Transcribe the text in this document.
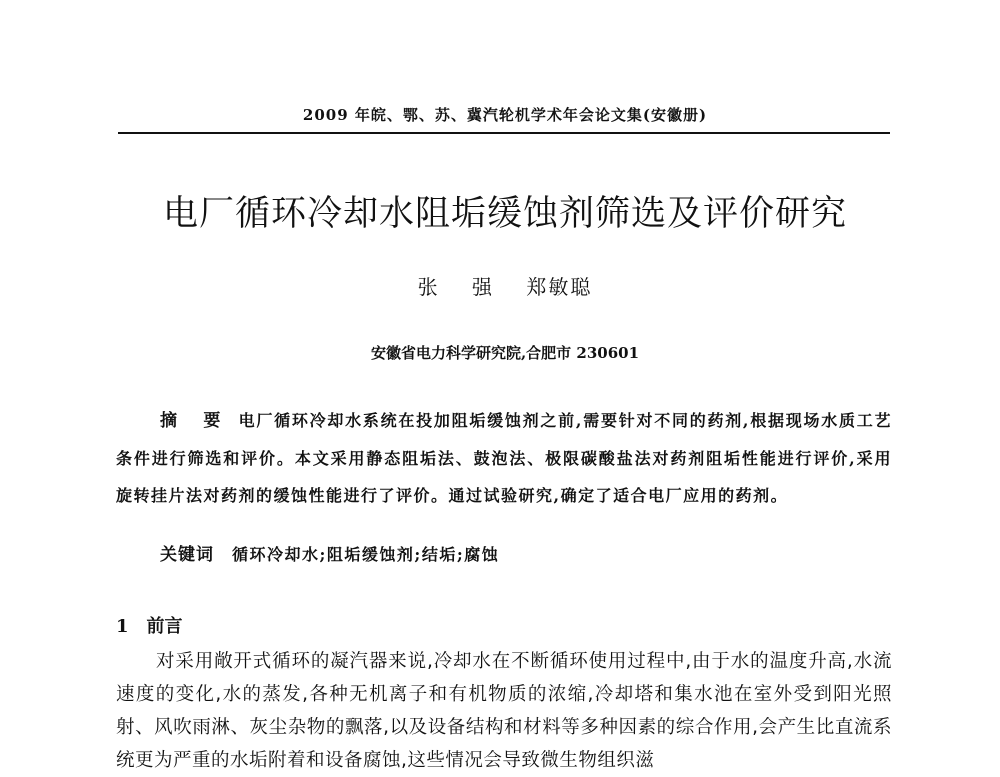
2009 年皖、鄂、苏、冀汽轮机学术年会论文集(安徽册)
电厂循环冷却水阻垢缓蚀剂筛选及评价研究
张 强 郑敏聪
安徽省电力科学研究院,合肥市 230601
摘 要 电厂循环冷却水系统在投加阻垢缓蚀剂之前,需要针对不同的药剂,根据现场水质工艺条件进行筛选和评价。本文采用静态阻垢法、鼓泡法、极限碳酸盐法对药剂阻垢性能进行评价,采用旋转挂片法对药剂的缓蚀性能进行了评价。通过试验研究,确定了适合电厂应用的药剂。
关键词 循环冷却水;阻垢缓蚀剂;结垢;腐蚀
1 前言
对采用敞开式循环的凝汽器来说,冷却水在不断循环使用过程中,由于水的温度升高,水流速度的变化,水的蒸发,各种无机离子和有机物质的浓缩,冷却塔和集水池在室外受到阳光照射、风吹雨淋、灰尘杂物的飘落,以及设备结构和材料等多种因素的综合作用,会产生比直流系统更为严重的水垢附着和设备腐蚀,这些情况会导致微生物组织滋
